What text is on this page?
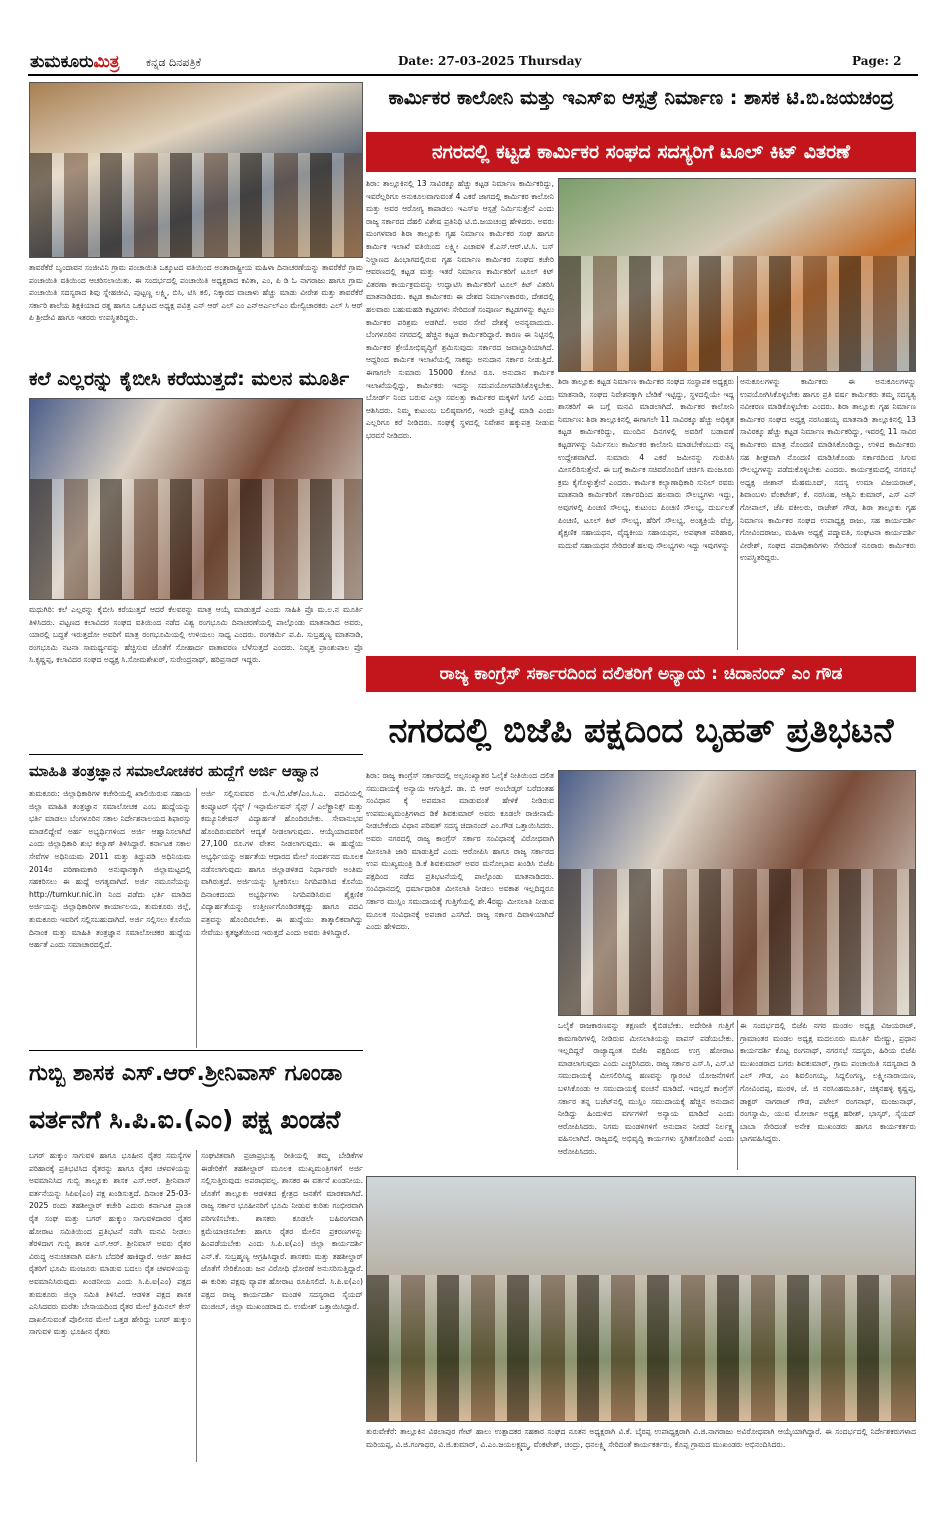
ತುಮಕೂರುಮಿತ್ರ ಕನ್ನಡ ದಿನಪತ್ರಿಕೆ	Date: 27-03-2025 Thursday	Page: 2
ತಾವರೆಕೆರೆ ಬೃಂದಾವನ ಸಂಜೀವಿನಿ ಗ್ರಾಮ ಪಂಚಾಯಿತಿ ಒಕ್ಕೂಟದ ವತಿಯಿಂದ ಅಂತಾರಾಷ್ಟ್ರೀಯ ಮಹಿಳಾ ದಿನಾಚರಣೆಯನ್ನು ತಾವರೆಕೆರೆ ಗ್ರಾಮ ಪಂಚಾಯಿತಿ ವತಿಯಿಂದ ಆಚರಿಸಲಾಯಿತು. ಈ ಸಂದರ್ಭದಲ್ಲಿ ಪಂಚಾಯಿತಿ ಅಧ್ಯಕ್ಷರಾದ ಕವಿತಾ, ಎಂ, ಪಿ ಡಿ ಓ ನಾಗರಾಜು ಹಾಗೂ ಗ್ರಾಮ ಪಂಚಾಯಿತಿ ಸದಸ್ಯರಾದ ಶಿವು ಸ್ನೇಹಜೀವಿ, ಪುಟ್ಟಣ್ಣ ಲಕ್ಷ್ಮಿ, ಬಿಸಿ, ಟಿಸಿ ಕಲಿ, ನಿಕ್ಕಾರದ ವಾಚಾಳು ಹೆಚ್ಚು ಮಾಡು ವೀರೇಶ ಮತ್ತು ತಾವರೆಕೆರೆ ಸರ್ಕಾರಿ ಶಾಲೆಯ ಶಿಕ್ಷಕಿಯಾದ ರತ್ನ ಹಾಗೂ ಒಕ್ಕೂಟದ ಅಧ್ಯಕ್ಷ ಪವಿತ್ರ ಎನ್ ಆರ್ ಎಲ್ ಎಂ ಎನ್ಆರ್ಎಲ್ಎಂ ಮೇಲ್ವಿಚಾರಕರು ಎಲ್ ಸಿ ಆರ್ ಪಿ ಶ್ರೀದೇವಿ ಹಾಗೂ ಇತರರು ಉಪಸ್ಥಿತರಿದ್ದರು.
ಕಲೆ ಎಲ್ಲರನ್ನು ಕೈಬೀಸಿ ಕರೆಯುತ್ತದೆ: ಮಲನ ಮೂರ್ತಿ
ಮಧುಗಿರಿ: ಕಲೆ ಎಲ್ಲರನ್ನು ಕೈಬೀಸಿ ಕರೆಯುತ್ತದೆ ಆದರೆ ಕೆಲವರನ್ನು ಮಾತ್ರ ಆಯ್ಕೆ ಮಾಡುತ್ತದೆ ಎಂದು ಸಾಹಿತಿ ಪ್ರೊ ಮ.ಲ.ನ ಮೂರ್ತಿ ತಿಳಿಸಿದರು. ಪಟ್ಟಣದ ಕಲಾವಿದರ ಸಂಘದ ವತಿಯಿಂದ ನಡೆದ ವಿಶ್ವ ರಂಗಭೂಮಿ ದಿನಾಚರಣೆಯಲ್ಲಿ ಪಾಲ್ಗೊಂಡು ಮಾತನಾಡಿದ ಅವರು, ಯಾರಲ್ಲಿ ಬದ್ಧತೆ ಇರುತ್ತದೋ ಅವರಿಗೆ ಮಾತ್ರ ರಂಗಭೂಮಿಯಲ್ಲಿ ಉಳಿಯಲು ಸಾಧ್ಯ ಎಂದರು. ರಂಗಕರ್ಮಿ ಪ.ಪಿ. ಸುಬ್ರಹ್ಮಣ್ಯ ಮಾತನಾಡಿ, ರಂಗಭೂಮಿ ನಟನಾ ಸಾಮರ್ಥ್ಯವನ್ನು ಹೆಚ್ಚಿಸುವ ಜೊತೆಗೆ ಸೋಹಾರ್ದ ವಾತಾವರಣ ಬೆಳೆಸುತ್ತದೆ ಎಂದರು. ನಿವೃತ್ತ ಪ್ರಾಂಶುಪಾಲ ಪ್ರೊ ಸಿ.ಕೃಷ್ಣಪ್ಪ, ಕಲಾವಿದರ ಸಂಘದ ಅಧ್ಯಕ್ಷ ಸಿ.ಸೋಮಶೇಖರ್, ಸುರೇಂದ್ರನಾಥ್, ಹರಿಪ್ರಸಾದ್ ಇದ್ದರು.
ಮಾಹಿತಿ ತಂತ್ರಜ್ಞಾನ ಸಮಾಲೋಚಕರ ಹುದ್ದೆಗೆ ಅರ್ಜಿ ಆಹ್ವಾನ
ತುಮಕೂರು: ಜಿಲ್ಲಾಧಿಕಾರಿಗಳ ಕಚೇರಿಯಲ್ಲಿ ಖಾಲಿಯಿರುವ ಸಹಾಯ ಜಿಲ್ಲಾ ಮಾಹಿತಿ ತಂತ್ರಜ್ಞಾನ ಸಮಾಲೋಚಕ ಎಂಬ ಹುದ್ದೆಯನ್ನು ಭರ್ತಿ ಮಾಡಲು ಬೆಂಗಳೂರಿನ ಸಕಾಲ ನಿರ್ದೇಶನಾಲಯದ ಶಿಫಾರಸ್ಸು ಮಾಡಲಿದ್ದೇವೆ ಅರ್ಹ ಅಭ್ಯರ್ಥಿಗಳಿಂದ ಅರ್ಜಿ ಆಹ್ವಾನಿಸಲಾಗಿದೆ ಎಂದು ಜಿಲ್ಲಾಧಿಕಾರಿ ಶುಭ ಕಲ್ಯಾಣ್ ತಿಳಿಸಿದ್ದಾರೆ. ಕರ್ನಾಟಕ ಸಕಾಲ ಸೇವೆಗಳ ಅಧಿನಿಯಮ 2011 ಮತ್ತು ತಿದ್ದುಪಡಿ ಅಧಿನಿಯಮ 2014ರ ಪರಿಣಾಮಕಾರಿ ಅನುಷ್ಠಾನಕ್ಕಾಗಿ ಜಿಲ್ಲಾಮಟ್ಟದಲ್ಲಿ ಸಹಕರಿಸಲು ಈ ಹುದ್ದೆ ಅಗತ್ಯವಾಗಿದೆ. ಅರ್ಜಿ ನಮೂನೆಯನ್ನು http://tumkur.nic.in ನಿಂದ ಪಡೆದು ಭರ್ತಿ ಮಾಡಿದ ಅರ್ಜಿಯನ್ನು ಜಿಲ್ಲಾಧಿಕಾರಿಗಳ ಕಾರ್ಯಾಲಯ, ತುಮಕೂರು ಜಿಲ್ಲೆ, ತುಮಕೂರು ಇವರಿಗೆ ಸಲ್ಲಿಸಬಹುದಾಗಿದೆ. ಅರ್ಜಿ ಸಲ್ಲಿಸಲು ಕೊನೆಯ ದಿನಾಂಕ ಮತ್ತು ಮಾಹಿತಿ ತಂತ್ರಜ್ಞಾನ ಸಮಾಲೋಚಕರ ಹುದ್ದೆಯ ಅರ್ಹತೆ ಎಂದು ಸಮಾಚಾರದಲ್ಲಿದೆ.
ಅರ್ಜಿ ಸಲ್ಲಿಸುವವರ ಬಿ.ಇ./ಬಿ.ಟೆಕ್/ಎಂ.ಸಿ.ಎ. ಪದವಿಯಲ್ಲಿ ಕಂಪ್ಯೂಟರ್ ಸೈನ್ಸ್ / ಇನ್ಫಾರ್ಮೇಷನ್ ಸೈನ್ಸ್ / ಎಲೆಕ್ಟ್ರಾನಿಕ್ಸ್ ಮತ್ತು ಕಮ್ಯೂನಿಕೇಷನ್ ವಿದ್ಯಾರ್ಹತೆ ಹೊಂದಿರಬೇಕು. ಸೇವಾನುಭವ ಹೊಂದಿರುವವರಿಗೆ ಆದ್ಯತೆ ನೀಡಲಾಗುವುದು. ಆಯ್ಕೆಯಾದವರಿಗೆ 27,100 ರೂ.ಗಳ ವೇತನ ನೀಡಲಾಗುವುದು. ಈ ಹುದ್ದೆಯ ಅಭ್ಯರ್ಥಿಯನ್ನು ಅರ್ಹತೆಯ ಆಧಾರದ ಮೇಲೆ ಸಂದರ್ಶನದ ಮೂಲಕ ನಡೆಸಲಾಗುವುದು ಹಾಗೂ ಜಿಲ್ಲಾಡಳಿತದ ನಿರ್ಧಾರವೇ ಅಂತಿಮ ವಾಗಿರುತ್ತದೆ. ಅರ್ಜಿಯನ್ನು ಸ್ವೀಕರಿಸಲು ನಿಗದಿಪಡಿಸಿದ ಕೊನೆಯ ದಿನಾಂಕದಂದು ಅಭ್ಯರ್ಥಿಗಳು ನಿಗದಿಪಡಿಸಿರುವ ಶೈಕ್ಷಣಿಕ ವಿದ್ಯಾರ್ಹತೆಯನ್ನು ಉತ್ತೀರ್ಣಗೊಂಡಿರತಕ್ಕದ್ದು ಹಾಗೂ ಪದವಿ ಪತ್ರವನ್ನು ಹೊಂದಿರಬೇಕು. ಈ ಹುದ್ದೆಯು ತಾತ್ಕಾಲಿಕವಾಗಿದ್ದು ಸೇವೆಯು ಕೃತಜ್ಞತೆಯಿಂದ ಇರುತ್ತದೆ ಎಂದು ಅವರು ತಿಳಿಸಿದ್ದಾರೆ.
ಗುಬ್ಬಿ ಶಾಸಕ ಎಸ್.ಆರ್.ಶ್ರೀನಿವಾಸ್ ಗೂಂಡಾ
ವರ್ತನೆಗೆ ಸಿ.ಪಿ.ಐ.(ಎಂ) ಪಕ್ಷ ಖಂಡನೆ
ಬಗರ್ ಹುಕ್ಕುಂ ಸಾಗುವಳಿ ಹಾಗೂ ಭೂಹೀನ ರೈತರ ಸಮಸ್ಯೆಗಳ ಪರಿಹಾರಕ್ಕೆ ಪ್ರತಿಭಟಿಸಿದ ರೈತರನ್ನು ಹಾಗೂ ರೈತರ ಚಳವಳಿಯನ್ನು ಅವಮಾನಿಸಿದ ಗುಬ್ಬಿ ತಾಲ್ಲೂಕು ಶಾಸಕ ಎಸ್.ಆರ್. ಶ್ರೀನಿವಾಸ್ ವರ್ತನೆಯನ್ನು ಸಿಪಿಐ(ಎಂ) ಪಕ್ಷ ಖಂಡಿಸುತ್ತದೆ. ದಿನಾಂಕ 25-03-2025 ರಂದು ತಹಶೀಲ್ದಾರ್ ಕಚೇರಿ ಎದುರು ಕರ್ನಾಟಕ ಪ್ರಾಂತ ರೈತ ಸಂಘ ಮತ್ತು ಬಗರ್ ಹುಕ್ಕುಂ ಸಾಗುವಳಿದಾರರ ರೈತರ ಹೋರಾಟ ಸಮಿತಿಯಿಂದ ಪ್ರತಿಭಟನೆ ನಡೆಸಿ ಮನವಿ ನೀಡಲು ತೆರಳಿದಾಗ ಗುಬ್ಬಿ ಶಾಸಕ ಎಸ್.ಆರ್. ಶ್ರೀನಿವಾಸ್ ಅವರು ರೈತರ ವಿರುದ್ಧ ಅನುಚಿತವಾಗಿ ವರ್ತಿಸಿ ಬೆದರಿಕೆ ಹಾಕಿದ್ದಾರೆ. ಅರ್ಜಿ ಹಾಕಿದ ರೈತರಿಗೆ ಭೂಮಿ ಮಂಜೂರು ಮಾಡುವ ಬದಲು ರೈತ ಚಳವಳಿಯನ್ನು ಅವಮಾನಿಸಿರುವುದು ಖಂಡನೀಯ ಎಂದು ಸಿ.ಪಿ.ಐ(ಎಂ) ಪಕ್ಷದ ತುಮಕೂರು ಜಿಲ್ಲಾ ಸಮಿತಿ ತಿಳಿಸಿದೆ. ಆಡಳಿತ ಪಕ್ಷದ ಶಾಸಕ ಎನಿಸಿದವರು ಮರೆತು ಬೇಸಾಯದಿಂದ ರೈತರ ಮೇಲೆ ಕ್ರಿಮಿನಲ್ ಕೇಸ್ ದಾಖಲಿಸುವಂತೆ ಪೊಲೀಸರ ಮೇಲೆ ಒತ್ತಡ ಹೇರಿದ್ದು ಬಗರ್ ಹುಕ್ಕುಂ ಸಾಗುವಳಿ ಮತ್ತು ಭೂಹೀನ ರೈತರು
ಸಂಘಟಿತವಾಗಿ ಪ್ರಜಾಪ್ರಭುತ್ವ ರೀತಿಯಲ್ಲಿ ತಮ್ಮ ಬೇಡಿಕೆಗಳ ಈಡೇರಿಕೆಗೆ ತಹಶೀಲ್ದಾರ್ ಮೂಲಕ ಮುಖ್ಯಮಂತ್ರಿಗಳಿಗೆ ಅರ್ಜಿ ಸಲ್ಲಿಸುತ್ತಿರುವುದು ಅಪರಾಧವಲ್ಲ. ಶಾಸಕರ ಈ ವರ್ತನೆ ಖಂಡನೀಯ. ಜೊತೆಗೆ ತಾಲ್ಲೂಕು ಆಡಳಿತದ ಕ್ಷೇತ್ರದ ಜನತೆಗೆ ಮಾರಕವಾಗಿದೆ. ರಾಜ್ಯ ಸರ್ಕಾರ ಭೂಹೀನರಿಗೆ ಭೂಮಿ ನೀಡುವ ಕುರಿತು ಗಂಭೀರವಾಗಿ ಪರಿಗಣಿಸಬೇಕು. ಶಾಸಕರು ಕೂಡಲೇ ಬಹಿರಂಗವಾಗಿ ಕ್ಷಮೆಯಾಚಿಸಬೇಕು ಹಾಗೂ ರೈತರ ಮೇಲಿನ ಪ್ರಕರಣಗಳನ್ನು ಹಿಂಪಡೆಯಬೇಕು ಎಂದು ಸಿ.ಪಿ.ಐ(ಎಂ) ಜಿಲ್ಲಾ ಕಾರ್ಯದರ್ಶಿ ಎನ್.ಕೆ. ಸುಬ್ರಹ್ಮಣ್ಯ ಆಗ್ರಹಿಸಿದ್ದಾರೆ. ಶಾಸಕರು ಮತ್ತು ತಹಶೀಲ್ದಾರ್ ಜೊತೆಗೆ ಸೇರಿಕೊಂಡು ಜನ ವಿರೋಧಿ ಧೋರಣೆ ಅನುಸರಿಸುತ್ತಿದ್ದಾರೆ. ಈ ಕುರಿತು ಪಕ್ಷವು ವ್ಯಾಪಕ ಹೋರಾಟ ರೂಪಿಸಲಿದೆ. ಸಿ.ಪಿ.ಐ(ಎಂ) ಪಕ್ಷದ ರಾಜ್ಯ ಕಾರ್ಯದರ್ಶಿ ಮಂಡಳಿ ಸದಸ್ಯರಾದ ಸೈಯದ್ ಮುಜೀಬ್, ಜಿಲ್ಲಾ ಮುಖಂಡರಾದ ಬಿ. ಉಮೇಶ್ ಒತ್ತಾಯಿಸಿದ್ದಾರೆ.
ಕಾರ್ಮಿಕರ ಕಾಲೋನಿ ಮತ್ತು ಇಎಸ್‌ಐ ಆಸ್ಪತ್ರೆ ನಿರ್ಮಾಣ : ಶಾಸಕ ಟಿ.ಬಿ.ಜಯಚಂದ್ರ
ನಗರದಲ್ಲಿ ಕಟ್ಟಡ ಕಾರ್ಮಿಕರ ಸಂಘದ ಸದಸ್ಯರಿಗೆ ಟೂಲ್ ಕಿಟ್ ವಿತರಣೆ
ಶಿರಾ: ತಾಲ್ಲೂಕಿನಲ್ಲಿ 13 ಸಾವಿರಕ್ಕೂ ಹೆಚ್ಚು ಕಟ್ಟಡ ನಿರ್ಮಾಣ ಕಾರ್ಮಿಕರಿದ್ದು, ಇವರೆಲ್ಲರಿಗೂ ಅನುಕೂಲವಾಗುವಂತೆ 4 ಎಕರೆ ಜಾಗದಲ್ಲಿ ಕಾರ್ಮಿಕರ ಕಾಲೋನಿ ಮತ್ತು ಅವರ ಆರೋಗ್ಯ ಕಾಪಾಡಲು ಇಎಸ್‌ಐ ಆಸ್ಪತ್ರೆ ನಿರ್ಮಿಸುತ್ತೇನೆ ಎಂದು ರಾಜ್ಯ ಸರ್ಕಾರದ ದೆಹಲಿ ವಿಶೇಷ ಪ್ರತಿನಿಧಿ ಟಿ.ಬಿ.ಜಯಚಂದ್ರ ಹೇಳಿದರು. ಅವರು ಮಂಗಳವಾರ ಶಿರಾ ತಾಲ್ಲೂಕು ಗೃಹ ನಿರ್ಮಾಣ ಕಾರ್ಮಿಕರ ಸಂಘ ಹಾಗೂ ಕಾರ್ಮಿಕ ಇಲಾಖೆ ವತಿಯಿಂದ ಲಕ್ಷ್ಮೀ ಎಚಾವಳಿ ಕೆ.ಎಸ್.ಆರ್.ಟಿ.ಸಿ. ಬಸ್ ನಿಲ್ದಾಣದ ಹಿಂಭಾಗದಲ್ಲಿರುವ ಗೃಹ ನಿರ್ಮಾಣ ಕಾರ್ಮಿಕರ ಸಂಘದ ಕಚೇರಿ ಆವರಣದಲ್ಲಿ ಕಟ್ಟಡ ಮತ್ತು ಇತರೆ ನಿರ್ಮಾಣ ಕಾರ್ಮಿಕರಿಗೆ ಟೂಲ್ ಕಿಟ್ ವಿತರಣಾ ಕಾರ್ಯಕ್ರಮವನ್ನು ಉದ್ಘಾಟಿಸಿ ಕಾರ್ಮಿಕರಿಗೆ ಟೂಲ್ ಕಿಟ್ ವಿತರಿಸಿ ಮಾತನಾಡಿದರು. ಕಟ್ಟಡ ಕಾರ್ಮಿಕರು ಈ ದೇಶದ ನಿರ್ಮಾಣಕಾರರು, ದೇಶದಲ್ಲಿ ಹಲವಾರು ಬಹುಮಹಡಿ ಕಟ್ಟಡಗಳು ಸೇರಿದಂತೆ ಸಂಪೂರ್ಣ ಕಟ್ಟಡಗಳನ್ನು ಕಟ್ಟಲು ಕಾರ್ಮಿಕರ ಪರಿಶ್ರಮ ಅಡಗಿದೆ. ಅವರ ಸೇವೆ ದೇಶಕ್ಕೆ ಅನನ್ಯವಾದುದು. ಬೆಂಗಳೂರಿನ ನಗರದಲ್ಲಿ ಹೆಚ್ಚಿನ ಕಟ್ಟಡ ಕಾರ್ಮಿಕರಿದ್ದಾರೆ. ಕಾರಣ ಈ ನಿಟ್ಟಿನಲ್ಲಿ ಕಾರ್ಮಿಕರ ಶ್ರೇಯೋಭಿವೃದ್ಧಿಗೆ ಶ್ರಮಿಸುವುದು ಸರ್ಕಾರದ ಜವಾಬ್ದಾರಿಯಾಗಿದೆ. ಆದ್ದರಿಂದ ಕಾರ್ಮಿಕ ಇಲಾಖೆಯಲ್ಲಿ ಸಾಕಷ್ಟು ಅನುದಾನ ಸರ್ಕಾರ ನೀಡುತ್ತಿದೆ. ಈಗಾಗಲೇ ಸುಮಾರು 15000 ಕೋಟಿ ರೂ. ಅನುದಾನ ಕಾರ್ಮಿಕ ಇಲಾಖೆಯಲ್ಲಿದ್ದು, ಕಾರ್ಮಿಕರು ಇದನ್ನು ಸದುಪಯೋಗಪಡಿಸಿಕೊಳ್ಳಬೇಕು. ಬೋರ್ಡ್ ನಿಂದ ಬರುವ ಎಲ್ಲಾ ಸವಲತ್ತು ಕಾರ್ಮಿಕರ ಮಕ್ಕಳಿಗೆ ಸಿಗಲಿ ಎಂದು ಆಶಿಸಿದರು. ನಿಮ್ಮ ಕುಟುಂಬ ಬಲಿಷ್ಠವಾಗಲಿ, ಇಂದೇ ಪ್ರತಿಜ್ಞೆ ಮಾಡಿ ಎಂದು ಎಲ್ಲರಿಗೂ ಕರೆ ನೀಡಿದರು. ಸಂಘಕ್ಕೆ ಸ್ಥಳದಲ್ಲಿ ನಿವೇಶನ ಹಕ್ಕುಪತ್ರ ನೀಡುವ ಭರವಸೆ ನೀಡಿದರು.
ಶಿರಾ ತಾಲ್ಲೂಕು ಕಟ್ಟಡ ನಿರ್ಮಾಣ ಕಾರ್ಮಿಕರ ಸಂಘದ ಸಂಸ್ಥಾಪಕ ಅಧ್ಯಕ್ಷರು ಮಾತನಾಡಿ, ಸಂಘದ ನಿವೇಶನಕ್ಕಾಗಿ ಬೇಡಿಕೆ ಇಟ್ಟಿದ್ದು, ಸ್ಥಳದಲ್ಲಿಯೇ ಇದ್ದ ಶಾಸಕರಿಗೆ ಈ ಬಗ್ಗೆ ಮನವಿ ಮಾಡಲಾಗಿದೆ. ಕಾರ್ಮಿಕರ ಕಾಲೋನಿ ನಿರ್ಮಾಣ: ಶಿರಾ ತಾಲ್ಲೂಕಿನಲ್ಲಿ ಈಗಾಗಲೇ 11 ಸಾವಿರಕ್ಕೂ ಹೆಚ್ಚು ಅಧಿಕೃತ ಕಟ್ಟಡ ಕಾರ್ಮಿಕರಿದ್ದು, ಮುಂದಿನ ದಿನಗಳಲ್ಲಿ ಅವರಿಗೆ ಬಡಾವಣೆ ಕಟ್ಟಡಗಳನ್ನು ನಿರ್ಮಿಸಲು ಕಾರ್ಮಿಕರ ಕಾಲೋನಿ ಮಾಡಬೇಕೆಂಬುದು ನನ್ನ ಉದ್ದೇಶವಾಗಿದೆ. ಸುಮಾರು 4 ಎಕರೆ ಜಮೀನನ್ನು ಗುರುತಿಸಿ ಮೀಸಲಿರಿಸುತ್ತೇನೆ. ಈ ಬಗ್ಗೆ ಕಾರ್ಮಿಕ ಸಚಿವರೊಂದಿಗೆ ಚರ್ಚಿಸಿ ಮಂಜೂರು ಕ್ರಮ ಕೈಗೊಳ್ಳುತ್ತೇನೆ ಎಂದರು. ಕಾರ್ಮಿಕ ಕಲ್ಯಾಣಾಧಿಕಾರಿ ಸುನಿಲ್ ರವರು ಮಾತನಾಡಿ ಕಾರ್ಮಿಕರಿಗೆ ಸರ್ಕಾರದಿಂದ ಹಲವಾರು ಸೌಲಭ್ಯಗಳು ಇದ್ದು, ಅವುಗಳಲ್ಲಿ ಪಿಂಚಣಿ ಸೌಲಭ್ಯ, ಕುಟುಂಬ ಪಿಂಚಣಿ ಸೌಲಭ್ಯ, ದುರ್ಬಲತೆ ಪಿಂಚಣಿ, ಟೂಲ್ ಕಿಟ್ ಸೌಲಭ್ಯ, ಹೆರಿಗೆ ಸೌಲಭ್ಯ, ಅಂತ್ಯಕ್ರಿಯೆ ವೆಚ್ಚ, ಶೈಕ್ಷಣಿಕ ಸಹಾಯಧನ, ವೈದ್ಯಕೀಯ ಸಹಾಯಧನ, ಅಪಘಾತ ಪರಿಹಾರ, ಮದುವೆ ಸಹಾಯಧನ ಸೇರಿದಂತೆ ಹಲವು ಸೌಲಭ್ಯಗಳು ಇದ್ದು ಇವುಗಳನ್ನು
ಅನುಕೂಲಗಳನ್ನು ಕಾರ್ಮಿಕರು ಈ ಅನುಕೂಲಗಳನ್ನು ಉಪಯೋಗಿಸಿಕೊಳ್ಳಬೇಕು ಹಾಗೂ ಪ್ರತಿ ವರ್ಷ ಕಾರ್ಮಿಕರು ತಮ್ಮ ಸದಸ್ಯತ್ವ ನವೀಕರಣ ಮಾಡಿಕೊಳ್ಳಬೇಕು ಎಂದರು. ಶಿರಾ ತಾಲ್ಲೂಕು ಗೃಹ ನಿರ್ಮಾಣ ಕಾರ್ಮಿಕರ ಸಂಘದ ಅಧ್ಯಕ್ಷ ನರಸಿಂಹಯ್ಯ ಮಾತನಾಡಿ ತಾಲ್ಲೂಕಿನಲ್ಲಿ 13 ಸಾವಿರಕ್ಕೂ ಹೆಚ್ಚು ಕಟ್ಟಡ ನಿರ್ಮಾಣ ಕಾರ್ಮಿಕರಿದ್ದು, ಇವರಲ್ಲಿ 11 ಸಾವಿರ ಕಾರ್ಮಿಕರು ಮಾತ್ರ ನೊಂದಣಿ ಮಾಡಿಸಿಕೊಂಡಿದ್ದು, ಉಳಿದ ಕಾರ್ಮಿಕರು ಸಹ ಶೀಘ್ರವಾಗಿ ನೊಂದಣಿ ಮಾಡಿಸಿಕೊಂಡು ಸರ್ಕಾರದಿಂದ ಸಿಗುವ ಸೌಲಭ್ಯಗಳನ್ನು ಪಡೆದುಕೊಳ್ಳಬೇಕು ಎಂದರು. ಕಾರ್ಯಕ್ರಮದಲ್ಲಿ ನಗರಸಭೆ ಅಧ್ಯಕ್ಷ ಜೀಶಾನ್ ಮೆಹಮೂದ್, ಸದಸ್ಯ ಉಮಾ ವಿಜಯರಾಜ್, ಶಿವಾಂಬಳು ವೆಂಕಟೇಶ್, ಕೆ. ನರಸಿಂಹ, ಅಶ್ವಿನಿ ಕುಮಾರ್, ಎಸ್ ಎನ್ ಗೋಪಾಲ್, ಜೆಪಿ ವಕೀಲರು, ರಾಜೇಶ್ ಗೌಡ, ಶಿರಾ ತಾಲ್ಲೂಕು ಗೃಹ ನಿರ್ಮಾಣ ಕಾರ್ಮಿಕರ ಸಂಘದ ಉಪಾಧ್ಯಕ್ಷ ರಾಜು, ಸಹ ಕಾರ್ಯದರ್ಶಿ ಗೋವಿಂದರಾಜು, ಮಹಿಳಾ ಅಧ್ಯಕ್ಷೆ ಪದ್ಮಾವತಿ, ಸಂಘಟನಾ ಕಾರ್ಯದರ್ಶಿ ವೀರೇಶ್, ಸಂಘದ ಪದಾಧಿಕಾರಿಗಳು ಸೇರಿದಂತೆ ನೂರಾರು ಕಾರ್ಮಿಕರು ಉಪಸ್ಥಿತರಿದ್ದರು.
ರಾಜ್ಯ ಕಾಂಗ್ರೆಸ್ ಸರ್ಕಾರದಿಂದ ದಲಿತರಿಗೆ ಅನ್ಯಾಯ : ಚಿದಾನಂದ್ ಎಂ ಗೌಡ
ನಗರದಲ್ಲಿ ಬಿಜೆಪಿ ಪಕ್ಷದಿಂದ ಬೃಹತ್ ಪ್ರತಿಭಟನೆ
ಶಿರಾ: ರಾಜ್ಯ ಕಾಂಗ್ರೆಸ್ ಸರ್ಕಾರದಲ್ಲಿ ಅಲ್ಪಸಂಖ್ಯಾತರ ಓಲೈಕೆ ನೀತಿಯಿಂದ ದಲಿತ ಸಮುದಾಯಕ್ಕೆ ಅನ್ಯಾಯ ಆಗುತ್ತಿದೆ. ಡಾ. ಬಿ ಆರ್ ಅಂಬೇಡ್ಕರ್ ಬರೆದಂತಹ ಸಂವಿಧಾನ ಕ್ಕೆ ಅಪಮಾನ ಮಾಡುವಂತೆ ಹೇಳಿಕೆ ನೀಡಿರುವ ಉಪಮುಖ್ಯಮಂತ್ರಿಗಳಾದ ಡಿಕೆ ಶಿವಕುಮಾರ್ ಅವರು ಕೂಡಲೇ ರಾಜೀನಾಮೆ ನೀಡಬೇಕೆಂದು ವಿಧಾನ ಪರಿಷತ್ ಸದಸ್ಯ ಚಿದಾನಂದ್ ಎಂ.ಗೌಡ ಒತ್ತಾಯಿಸಿದರು. ಅವರು ನಗರದಲ್ಲಿ ರಾಜ್ಯ ಕಾಂಗ್ರೆಸ್ ಸರ್ಕಾರ ಸಂವಿಧಾನಕ್ಕೆ ವಿರೋಧವಾಗಿ ಮೀಸಲಾತಿ ಜಾರಿ ಮಾಡುತ್ತಿದೆ ಎಂದು ಆರೋಪಿಸಿ ಹಾಗೂ ರಾಜ್ಯ ಸರ್ಕಾರದ ಉಪ ಮುಖ್ಯಮಂತ್ರಿ ಡಿ.ಕೆ ಶಿವಕುಮಾರ್ ಅವರ ಮನೋಭಾವ ಖಂಡಿಸಿ ಬಿಜೆಪಿ ಪಕ್ಷದಿಂದ ನಡೆದ ಪ್ರತಿಭಟನೆಯಲ್ಲಿ ಪಾಲ್ಗೊಂಡು ಮಾತನಾಡಿದರು. ಸಂವಿಧಾನದಲ್ಲಿ ಧರ್ಮಾಧಾರಿತ ಮೀಸಲಾತಿ ನೀಡಲು ಅವಕಾಶ ಇಲ್ಲದಿದ್ದರೂ ಸರ್ಕಾರ ಮುಸ್ಲಿಂ ಸಮುದಾಯಕ್ಕೆ ಗುತ್ತಿಗೆಯಲ್ಲಿ ಶೇ.4ರಷ್ಟು ಮೀಸಲಾತಿ ನೀಡುವ ಮೂಲಕ ಸಂವಿಧಾನಕ್ಕೆ ಅಪಚಾರ ಎಸಗಿದೆ. ರಾಜ್ಯ ಸರ್ಕಾರ ದಿವಾಳಿಯಾಗಿದೆ ಎಂದು ಹೇಳಿದರು.
ಒಲೈಕೆ ರಾಜಕಾರಣವನ್ನು ತಕ್ಷಣವೇ ಕೈಬಿಡಬೇಕು. ಅದೇರೀತಿ ಗುತ್ತಿಗೆ ಕಾಮಗಾರಿಗಳಲ್ಲಿ ನೀಡಿರುವ ಮೀಸಲಾತಿಯನ್ನು ವಾಪಸ್ ಪಡೆಯಬೇಕು. ಇಲ್ಲದಿದ್ದರೆ ರಾಜ್ಯಾದ್ಯಂತ ಬಿಜೆಪಿ ಪಕ್ಷದಿಂದ ಉಗ್ರ ಹೋರಾಟ ಮಾಡಲಾಗುವುದು ಎಂದು ಎಚ್ಚರಿಸಿದರು. ರಾಜ್ಯ ಸರ್ಕಾರ ಎಸ್.ಸಿ, ಎಸ್.ಟಿ ಸಮುದಾಯಕ್ಕೆ ಮೀಸಲಿರಿಸಿದ್ದ ಹಣವನ್ನು ಗ್ಯಾರಂಟಿ ಯೋಜನೆಗಳಿಗೆ ಬಳಸಿಕೊಂಡು ಆ ಸಮುದಾಯಕ್ಕೆ ವಂಚನೆ ಮಾಡಿದೆ. ಇದಲ್ಲದೆ ಕಾಂಗ್ರೆಸ್ ಸರ್ಕಾರ ತನ್ನ ಬಜೆಟ್‌ನಲ್ಲಿ ಮುಸ್ಲಿಂ ಸಮುದಾಯಕ್ಕೆ ಹೆಚ್ಚಿನ ಅನುದಾನ ನೀಡಿದ್ದು ಹಿಂದುಳಿದ ವರ್ಗಗಳಿಗೆ ಅನ್ಯಾಯ ಮಾಡಿದೆ ಎಂದು ಆರೋಪಿಸಿದರು. ನಿಗಮ ಮಂಡಳಿಗಳಿಗೆ ಅನುದಾನ ನೀಡದೆ ನಿರ್ಲಕ್ಷ್ಯ ವಹಿಸಲಾಗಿದೆ. ರಾಜ್ಯದಲ್ಲಿ ಅಭಿವೃದ್ಧಿ ಕಾರ್ಯಗಳು ಸ್ಥಗಿತಗೊಂಡಿವೆ ಎಂದು ಆರೋಪಿಸಿದರು.
ಈ ಸಂದರ್ಭದಲ್ಲಿ ಬಿಜೆಪಿ ನಗರ ಮಂಡಲ ಅಧ್ಯಕ್ಷ ವಿಜಯರಾಜ್, ಗ್ರಾಮಾಂತರ ಮಂಡಲ ಅಧ್ಯಕ್ಷ ಮದಲೂರು ಮೂರ್ತಿ ಮೇಷ್ಟ್ರು, ಪ್ರಧಾನ ಕಾರ್ಯದರ್ಶಿ ಕೊಟ್ಟ ರಂಗನಾಥ್, ನಗರಸಭೆ ಸದಸ್ಯರು, ಹಿರಿಯ ಬಿಜೆಪಿ ಮುಖಂಡರಾದ ಬಗರು ಶಿವಕುಮಾರ್, ಗ್ರಾಮ ಪಂಚಾಯಿತಿ ಸದಸ್ಯರಾದ ಡಿ ಎಲ್ ಗೌಡ, ಎಂ ಶಿವಲಿಂಗಯ್ಯ, ಸಿದ್ದಲಿಂಗಣ್ಣ, ಲಕ್ಷ್ಮೀನಾರಾಯಣ, ಗೋವಿಂದಪ್ಪ, ಮುರಳಿ, ಜೆ. ಜಿ ನರಸಿಂಹಮೂರ್ತಿ, ಚಿಕ್ಕನಹಳ್ಳಿ ಕೃಷ್ಣಪ್ಪ, ಡಾಕ್ಟರ್ ನಾಗರಾಜ್ ಗೌಡ, ಪಟೇಲ್ ರಂಗನಾಥ್, ಮಂಜುನಾಥ್, ರಂಗಸ್ವಾಮಿ, ಯುವ ಮೋರ್ಚಾ ಅಧ್ಯಕ್ಷ ಹರೀಶ್, ಭಾಸ್ಕರ್, ಸೈಯದ್ ಬಾಬಾ ಸೇರಿದಂತೆ ಅನೇಕ ಮುಖಂಡರು ಹಾಗೂ ಕಾರ್ಯಕರ್ತರು ಭಾಗವಹಿಸಿದ್ದರು.
ತುರುವೇಕೆರೆ: ತಾಲ್ಲೂಕಿನ ವಿಠಲಾಪುರ ಗೇಟ್ ಹಾಲು ಉತ್ಪಾದಕರ ಸಹಕಾರ ಸಂಘದ ನೂತನ ಅಧ್ಯಕ್ಷರಾಗಿ ವಿ.ಕೆ. ಬೈರಪ್ಪ ಉಪಾಧ್ಯಕ್ಷರಾಗಿ ವಿ.ಜಿ.ನಾಗರಾಜು ಅವಿರೋಧವಾಗಿ ಆಯ್ಕೆಯಾಗಿದ್ದಾರೆ. ಈ ಸಂದರ್ಭದಲ್ಲಿ ನಿರ್ದೇಶಕರುಗಳಾದ ಮರಿಯಪ್ಪ, ವಿ.ಜಿ.ಗಂಗಾಧರ, ವಿ.ಜಿ.ಕುಮಾರ್, ವಿ.ಎಂ.ಜಯಲಕ್ಷ್ಮಮ್ಮ, ವೆಂಕಟೇಶ್, ಚಂದ್ರು, ಧನಲಕ್ಷ್ಮಿ ಸೇರಿದಂತೆ ಕಾರ್ಯಕರ್ತರು, ಕೊಪ್ಪ ಗ್ರಾಮದ ಮುಖಂಡರು ಅಭಿನಂದಿಸಿದರು.
